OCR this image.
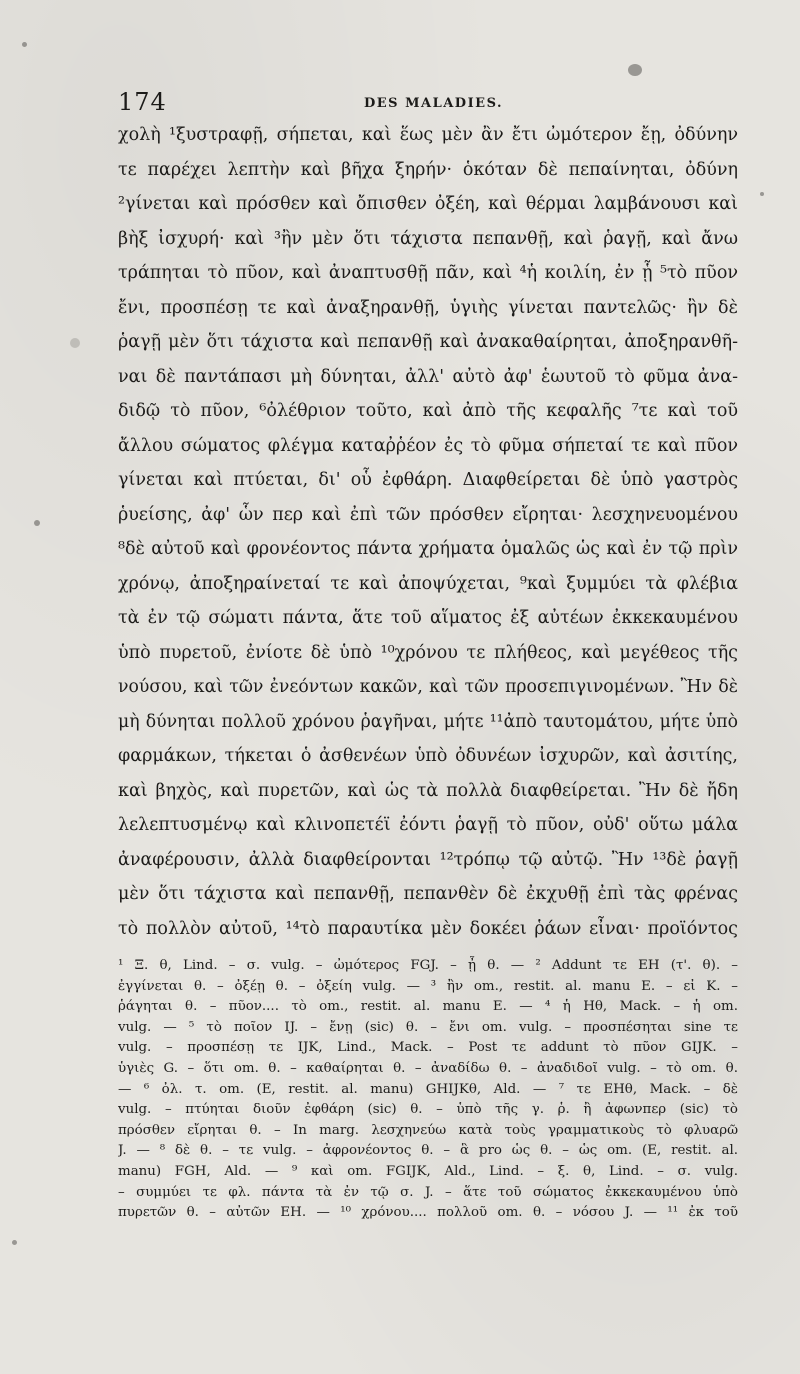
174	DES MALADIES.
χολὴ ¹ξυστραφῇ, σήπεται, καὶ ἕως μὲν ἂν ἔτι ὠμότερον ἔῃ, ὀδύνην
τε παρέχει λεπτὴν καὶ βῆχα ξηρήν· ὁκόταν δὲ πεπαίνηται, ὀδύνη
²γίνεται καὶ πρόσθεν καὶ ὄπισθεν ὀξέη, καὶ θέρμαι λαμβάνουσι καὶ
βὴξ ἰσχυρή· καὶ ³ἢν μὲν ὅτι τάχιστα πεπανθῇ, καὶ ῥαγῇ, καὶ ἄνω
τράπηται τὸ πῦον, καὶ ἀναπτυσθῇ πᾶν, καὶ ⁴ἡ κοιλίη, ἐν ᾗ ⁵τὸ πῦον
ἔνι, προσπέσῃ τε καὶ ἀναξηρανθῇ, ὑγιὴς γίνεται παντελῶς· ἢν δὲ
ῥαγῇ μὲν ὅτι τάχιστα καὶ πεπανθῇ καὶ ἀνακαθαίρηται, ἀποξηρανθῆ-
ναι δὲ παντάπασι μὴ δύνηται, ἀλλ' αὐτὸ ἀφ' ἑωυτοῦ τὸ φῦμα ἀνα-
διδῷ τὸ πῦον, ⁶ὀλέθριον τοῦτο, καὶ ἀπὸ τῆς κεφαλῆς ⁷τε καὶ τοῦ
ἄλλου σώματος φλέγμα καταῤῥέον ἐς τὸ φῦμα σήπεταί τε καὶ πῦον
γίνεται καὶ πτύεται, δι' οὗ ἐφθάρη. Διαφθείρεται δὲ ὑπὸ γαστρὸς
ῥυείσης, ἀφ' ὧν περ καὶ ἐπὶ τῶν πρόσθεν εἴρηται· λεσχηνευομένου
⁸δὲ αὐτοῦ καὶ φρονέοντος πάντα χρήματα ὁμαλῶς ὡς καὶ ἐν τῷ πρὶν
χρόνῳ, ἀποξηραίνεταί τε καὶ ἀποψύχεται, ⁹καὶ ξυμμύει τὰ φλέβια
τὰ ἐν τῷ σώματι πάντα, ἅτε τοῦ αἵματος ἐξ αὐτέων ἐκκεκαυμένου
ὑπὸ πυρετοῦ, ἐνίοτε δὲ ὑπὸ ¹⁰χρόνου τε πλήθεος, καὶ μεγέθεος τῆς
νούσου, καὶ τῶν ἐνεόντων κακῶν, καὶ τῶν προσεπιγινομένων. Ἢν δὲ
μὴ δύνηται πολλοῦ χρόνου ῥαγῆναι, μήτε ¹¹ἀπὸ ταυτομάτου, μήτε ὑπὸ
φαρμάκων, τήκεται ὁ ἀσθενέων ὑπὸ ὀδυνέων ἰσχυρῶν, καὶ ἀσιτίης,
καὶ βηχὸς, καὶ πυρετῶν, καὶ ὡς τὰ πολλὰ διαφθείρεται. Ἢν δὲ ἤδη
λελεπτυσμένῳ καὶ κλινοπετέϊ ἐόντι ῥαγῇ τὸ πῦον, οὐδ' οὕτω μάλα
ἀναφέρουσιν, ἀλλὰ διαφθείρονται ¹²τρόπῳ τῷ αὐτῷ. Ἢν ¹³δὲ ῥαγῇ
μὲν ὅτι τάχιστα καὶ πεπανθῇ, πεπανθὲν δὲ ἐκχυθῇ ἐπὶ τὰς φρένας
τὸ πολλὸν αὐτοῦ, ¹⁴τὸ παραυτίκα μὲν δοκέει ῥάων εἶναι· προϊόντος
¹ Ξ. θ, Lind. – σ. vulg. – ὠμότερος FGJ. – ᾖ θ. — ² Addunt τε EH (τ'. θ). –
ἐγγίνεται θ. – ὀξέῃ θ. – ὀξείη vulg. — ³ ἢν om., restit. al. manu E. – εἰ K. –
ῥάγηται θ. – πῦον.... τὸ om., restit. al. manu E. — ⁴ ἡ Hθ, Mack. – ἡ om.
vulg. — ⁵ τὸ ποῖον IJ. – ἔνῃ (sic) θ. – ἔνι om. vulg. – προσπέσηται sine τε
vulg. – προσπέσῃ τε IJK, Lind., Mack. – Post τε addunt τὸ πῦον GIJK. –
ὑγιὲς G. – ὅτι om. θ. – καθαίρηται θ. – ἀναδίδω θ. – ἀναδιδοῖ vulg. – τὸ om. θ.
— ⁶ ὀλ. τ. om. (E, restit. al. manu) GHIJKθ, Ald. — ⁷ τε EHθ, Mack. – δὲ
vulg. – πτύηται διοῦν ἐφθάρη (sic) θ. – ὑπὸ τῆς γ. ῥ. ἢ ἀφωνπερ (sic) τὸ
πρόσθεν εἴρηται θ. – In marg. λεσχηνεύω κατὰ τοὺς γραμματικοὺς τὸ φλυαρῶ
J. — ⁸ δὲ θ. – τε vulg. – ἀφρονέοντος θ. – ἃ pro ὡς θ. – ὡς om. (E, restit. al.
manu) FGH, Ald. — ⁹ καὶ om. FGIJK, Ald., Lind. – ξ. θ, Lind. – σ. vulg.
– συμμύει τε φλ. πάντα τὰ ἐν τῷ σ. J. – ἅτε τοῦ σώματος ἐκκεκαυμένου ὑπὸ
πυρετῶν θ. – αὐτῶν EH. — ¹⁰ χρόνου.... πολλοῦ om. θ. – νόσου J. — ¹¹ ἐκ τοῦ
